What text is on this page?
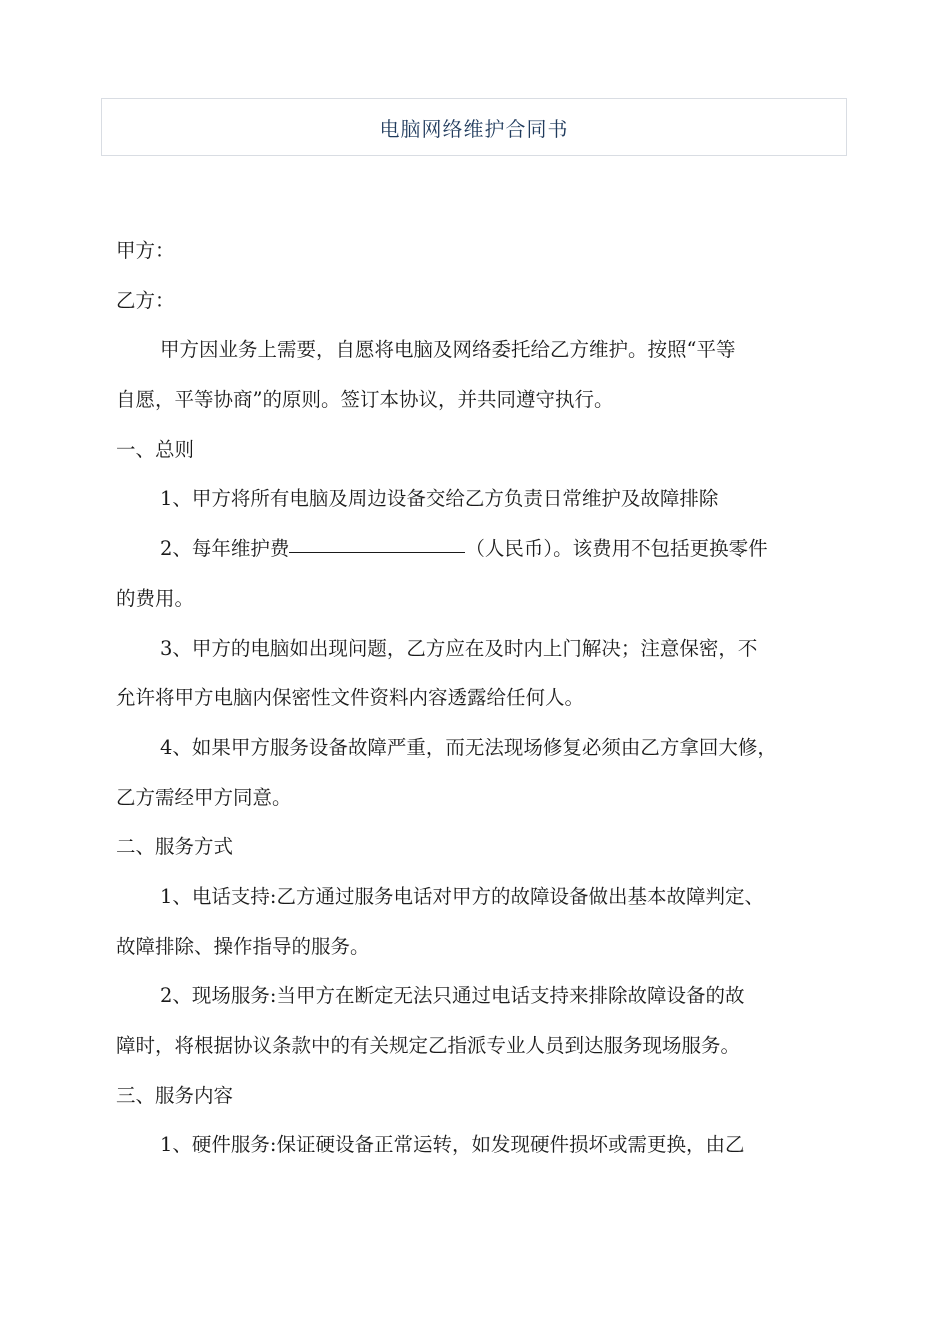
电脑网络维护合同书

甲方：

乙方：

甲方因业务上需要，自愿将电脑及网络委托给乙方维护。按照“平等

自愿，平等协商”的原则。签订本协议，并共同遵守执行。

一、总则

1、甲方将所有电脑及周边设备交给乙方负责日常维护及故障排除

2、每年维护费	（人民币）。该费用不包括更换零件

的费用。

3、甲方的电脑如出现问题，乙方应在及时内上门解决；注意保密，不

允许将甲方电脑内保密性文件资料内容透露给任何人。

4、如果甲方服务设备故障严重，而无法现场修复必须由乙方拿回大修，

乙方需经甲方同意。

二、服务方式

1、电话支持:乙方通过服务电话对甲方的故障设备做出基本故障判定、

故障排除、操作指导的服务。

2、现场服务:当甲方在断定无法只通过电话支持来排除故障设备的故

障时，将根据协议条款中的有关规定乙指派专业人员到达服务现场服务。

三、服务内容

1、硬件服务:保证硬设备正常运转，如发现硬件损坏或需更换，由乙
